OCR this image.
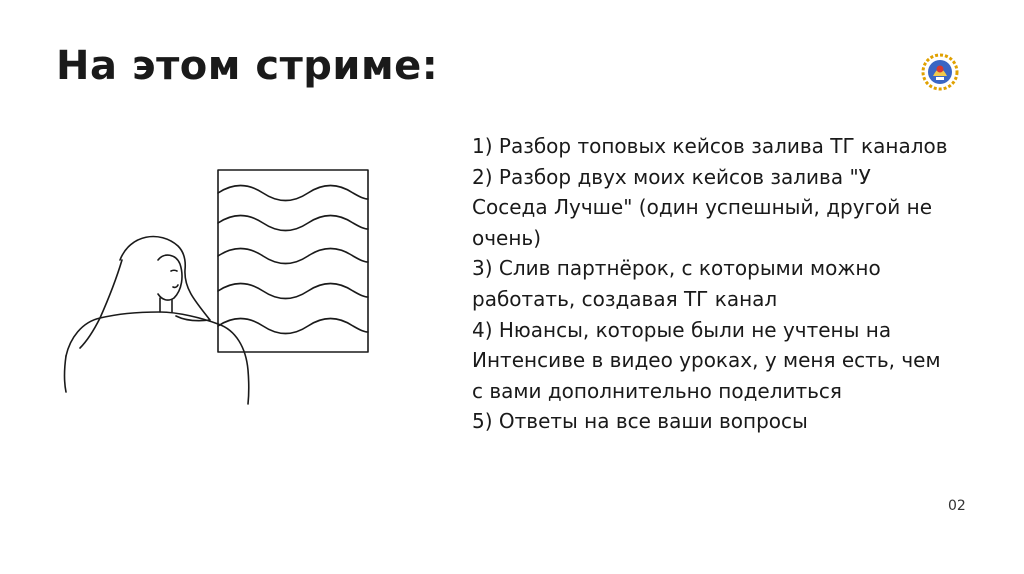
На этом стриме:
1) Разбор топовых кейсов залива ТГ каналов
2) Разбор двух моих кейсов залива "У Соседа Лучше" (один успешный, другой не очень)
3) Слив партнёрок, с которыми можно работать, создавая ТГ канал
4) Нюансы, которые были не учтены на Интенсиве в видео уроках, у меня есть, чем с вами дополнительно поделиться
5) Ответы на все ваши вопросы
02
